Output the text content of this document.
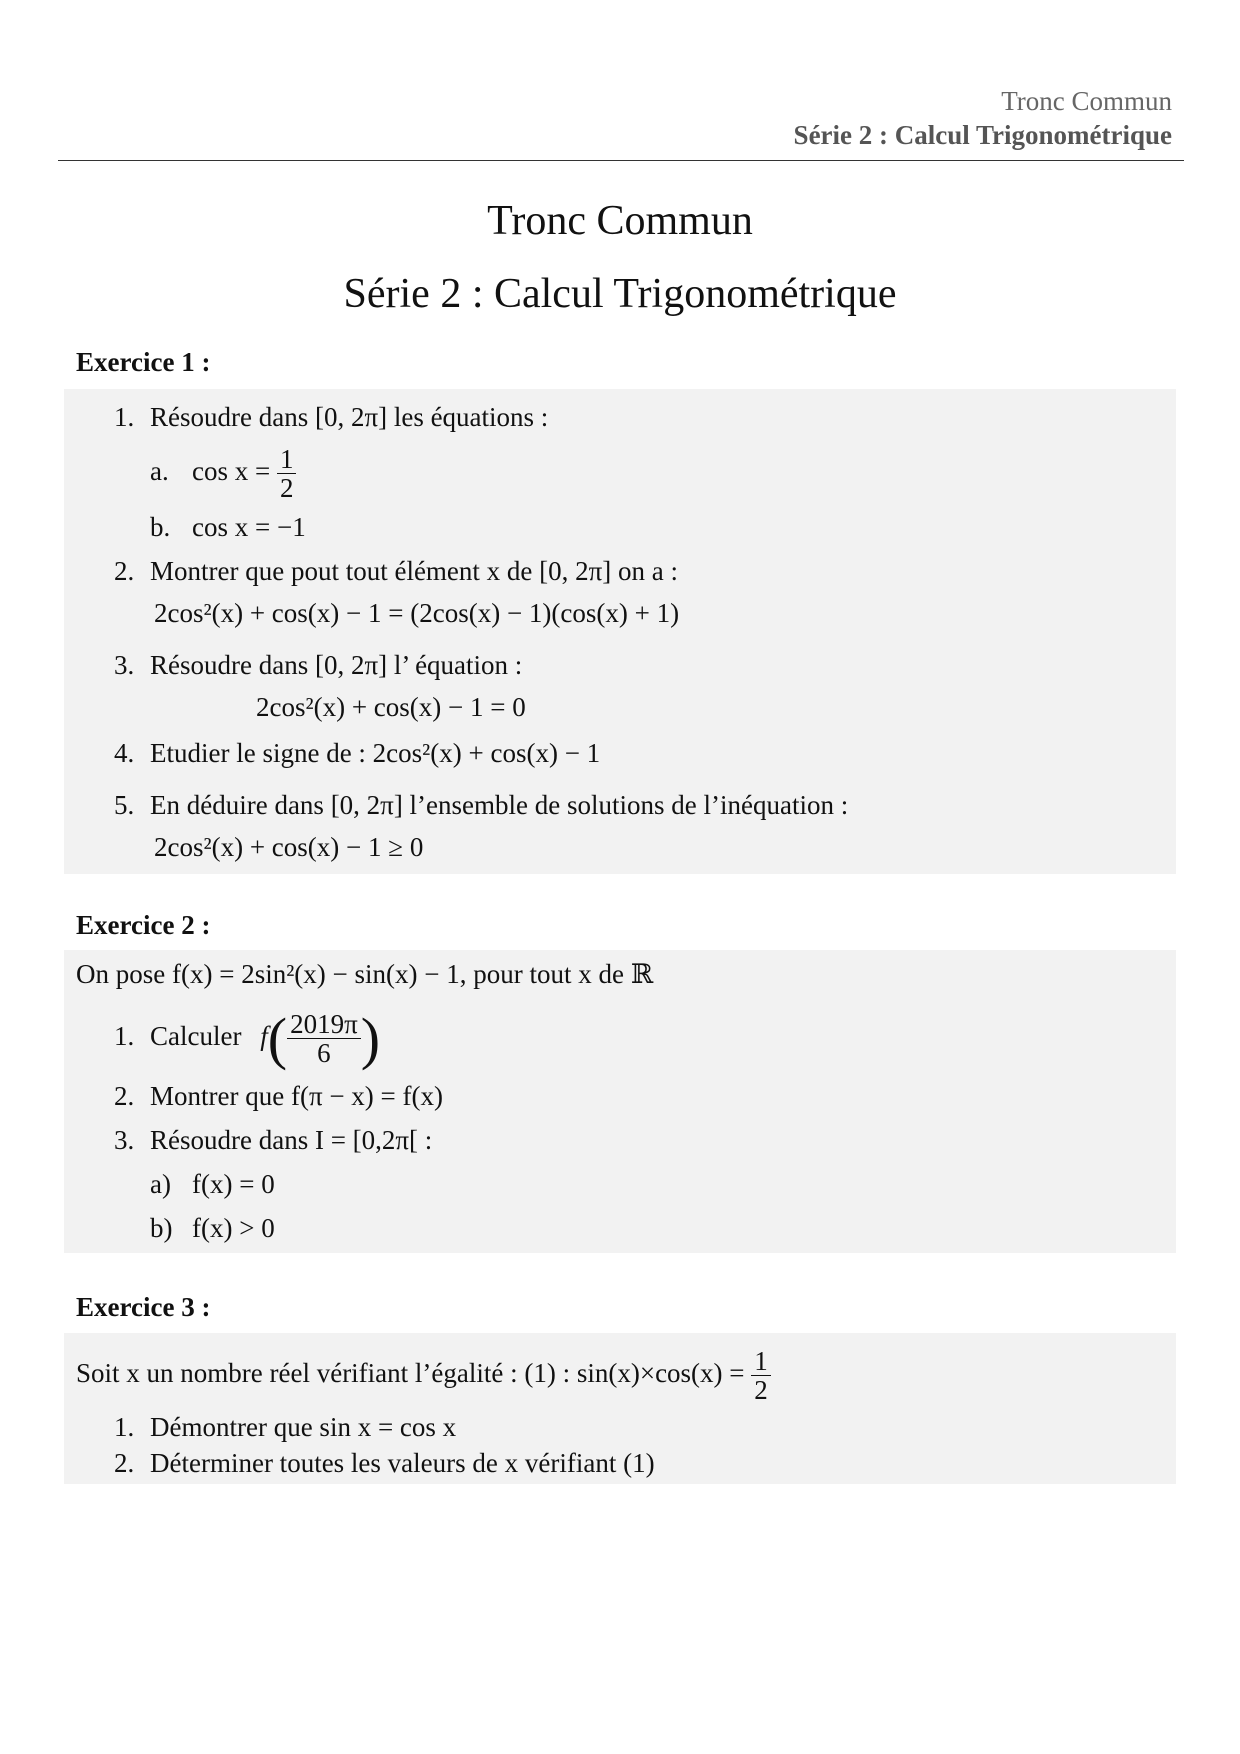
Tronc Commun
Série 2 : Calcul Trigonométrique
Tronc Commun
Série 2 : Calcul Trigonométrique
Exercice 1 :
1. Résoudre dans [0, 2π] les équations :
a. $\cos x = \frac{1}{2}$
b. cos x = −1
2. Montrer que pout tout élément x de [0, 2π] on a :
2cos²(x) + cos(x) − 1 = (2cos(x) − 1)(cos(x) + 1)
3. Résoudre dans [0, 2π] l’ équation :
2cos²(x) + cos(x) − 1 = 0
4. Etudier le signe de : 2cos²(x) + cos(x) − 1
5. En déduire dans [0, 2π] l’ensemble de solutions de l’inéquation :
2cos²(x) + cos(x) − 1 ≥ 0
Exercice 2 :
On pose f(x) = 2sin²(x) − sin(x) − 1, pour tout x de ℝ
1. Calculer $f( \frac{2019\pi}{6}$ )
2. Montrer que f(π − x) = f(x)
3. Résoudre dans I = [0,2π[ :
a) f(x) = 0
b) f(x) > 0
Exercice 3 :
Soit x un nombre réel vérifiant l’égalité : (1) : $\sin(x)\times\cos(x) = \frac{1}{2}$
1. Démontrer que sin x = cos x
2. Déterminer toutes les valeurs de x vérifiant (1)
